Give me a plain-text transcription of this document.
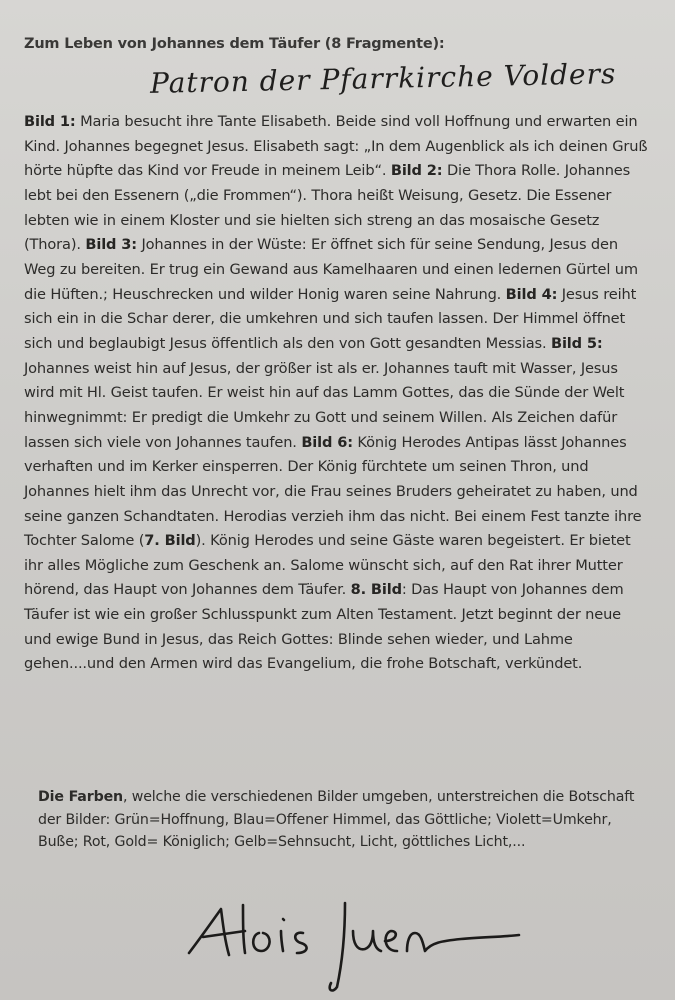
Zum Leben von Johannes dem Täufer (8 Fragmente):
Patron der Pfarrkirche Volders
Bild 1: Maria besucht ihre Tante Elisabeth. Beide sind voll Hoffnung und erwarten ein Kind. Johannes begegnet Jesus. Elisabeth sagt: „In dem Augenblick als ich deinen Gruß hörte hüpfte das Kind vor Freude in meinem Leib“. Bild 2: Die Thora Rolle. Johannes lebt bei den Essenern („die Frommen“). Thora heißt Weisung, Gesetz. Die Essener lebten wie in einem Kloster und sie hielten sich streng an das mosaische Gesetz (Thora). Bild 3: Johannes in der Wüste: Er öffnet sich für seine Sendung, Jesus den Weg zu bereiten. Er trug ein Gewand aus Kamelhaaren und einen ledernen Gürtel um die Hüften.; Heuschrecken und wilder Honig waren seine Nahrung. Bild 4: Jesus reiht sich ein in die Schar derer, die umkehren und sich taufen lassen. Der Himmel öffnet sich und beglaubigt Jesus öffentlich als den von Gott gesandten Messias. Bild 5: Johannes weist hin auf Jesus, der größer ist als er. Johannes tauft mit Wasser, Jesus wird mit Hl. Geist taufen. Er weist hin auf das Lamm Gottes, das die Sünde der Welt hinwegnimmt: Er predigt die Umkehr zu Gott und seinem Willen. Als Zeichen dafür lassen sich viele von Johannes taufen. Bild 6: König Herodes Antipas lässt Johannes verhaften und im Kerker einsperren. Der König fürchtete um seinen Thron, und Johannes hielt ihm das Unrecht vor, die Frau seines Bruders geheiratet zu haben, und seine ganzen Schandtaten. Herodias verzieh ihm das nicht. Bei einem Fest tanzte ihre Tochter Salome (7. Bild). König Herodes und seine Gäste waren begeistert. Er bietet ihr alles Mögliche zum Geschenk an. Salome wünscht sich, auf den Rat ihrer Mutter hörend, das Haupt von Johannes dem Täufer. 8. Bild: Das Haupt von Johannes dem Täufer ist wie ein großer Schlusspunkt zum Alten Testament. Jetzt beginnt der neue und ewige Bund in Jesus, das Reich Gottes: Blinde sehen wieder, und Lahme gehen....und den Armen wird das Evangelium, die frohe Botschaft, verkündet.
Die Farben, welche die verschiedenen Bilder umgeben, unterstreichen die Botschaft der Bilder: Grün=Hoffnung, Blau=Offener Himmel, das Göttliche; Violett=Umkehr, Buße; Rot, Gold= Königlich; Gelb=Sehnsucht, Licht, göttliches Licht,...
